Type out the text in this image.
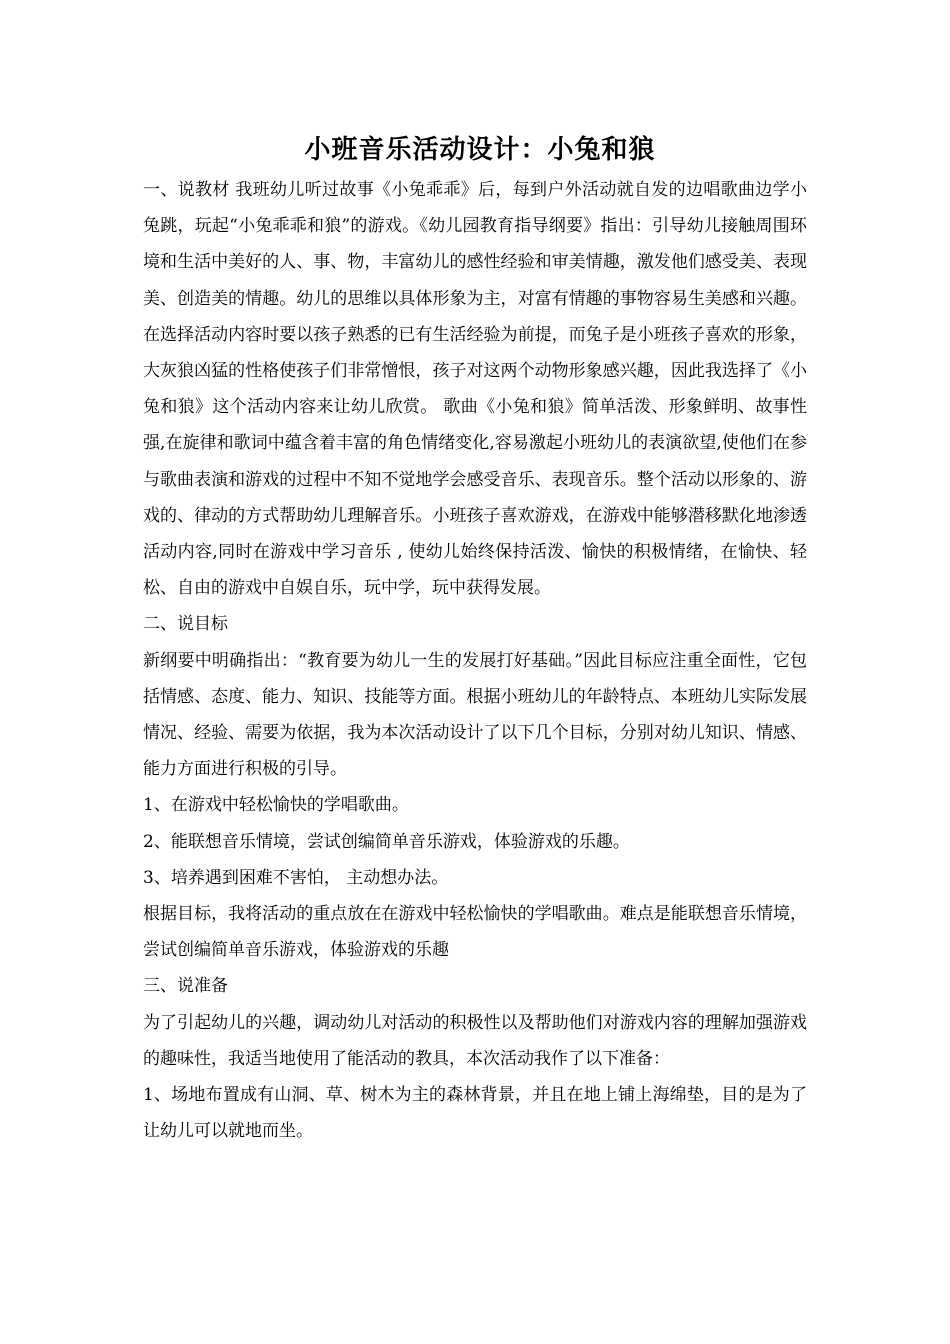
小班音乐活动设计：小兔和狼

一、说教材 我班幼儿听过故事《小兔乖乖》后，每到户外活动就自发的边唱歌曲边学小兔跳，玩起“小兔乖乖和狼”的游戏。《幼儿园教育指导纲要》指出：引导幼儿接触周围环境和生活中美好的人、事、物，丰富幼儿的感性经验和审美情趣，激发他们感受美、表现美、创造美的情趣。幼儿的思维以具体形象为主，对富有情趣的事物容易生美感和兴趣。在选择活动内容时要以孩子熟悉的已有生活经验为前提，而兔子是小班孩子喜欢的形象，大灰狼凶猛的性格使孩子们非常憎恨，孩子对这两个动物形象感兴趣，因此我选择了《小兔和狼》这个活动内容来让幼儿欣赏。 歌曲《小兔和狼》简单活泼、形象鲜明、故事性强,在旋律和歌词中蕴含着丰富的角色情绪变化,容易激起小班幼儿的表演欲望,使他们在参与歌曲表演和游戏的过程中不知不觉地学会感受音乐、表现音乐。整个活动以形象的、游戏的、律动的方式帮助幼儿理解音乐。小班孩子喜欢游戏，在游戏中能够潜移默化地渗透活动内容,同时在游戏中学习音乐 , 使幼儿始终保持活泼、愉快的积极情绪，在愉快、轻松、自由的游戏中自娱自乐，玩中学，玩中获得发展。

二、说目标

新纲要中明确指出：“教育要为幼儿一生的发展打好基础。”因此目标应注重全面性，它包括情感、态度、能力、知识、技能等方面。根据小班幼儿的年龄特点、本班幼儿实际发展情况、经验、需要为依据，我为本次活动设计了以下几个目标，分别对幼儿知识、情感、能力方面进行积极的引导。

1、在游戏中轻松愉快的学唱歌曲。

2、能联想音乐情境，尝试创编简单音乐游戏，体验游戏的乐趣。

3、培养遇到困难不害怕， 主动想办法。

根据目标，我将活动的重点放在在游戏中轻松愉快的学唱歌曲。难点是能联想音乐情境，尝试创编简单音乐游戏，体验游戏的乐趣

三、说准备

为了引起幼儿的兴趣，调动幼儿对活动的积极性以及帮助他们对游戏内容的理解加强游戏的趣味性，我适当地使用了能活动的教具，本次活动我作了以下准备：

1、场地布置成有山洞、草、树木为主的森林背景，并且在地上铺上海绵垫，目的是为了让幼儿可以就地而坐。
